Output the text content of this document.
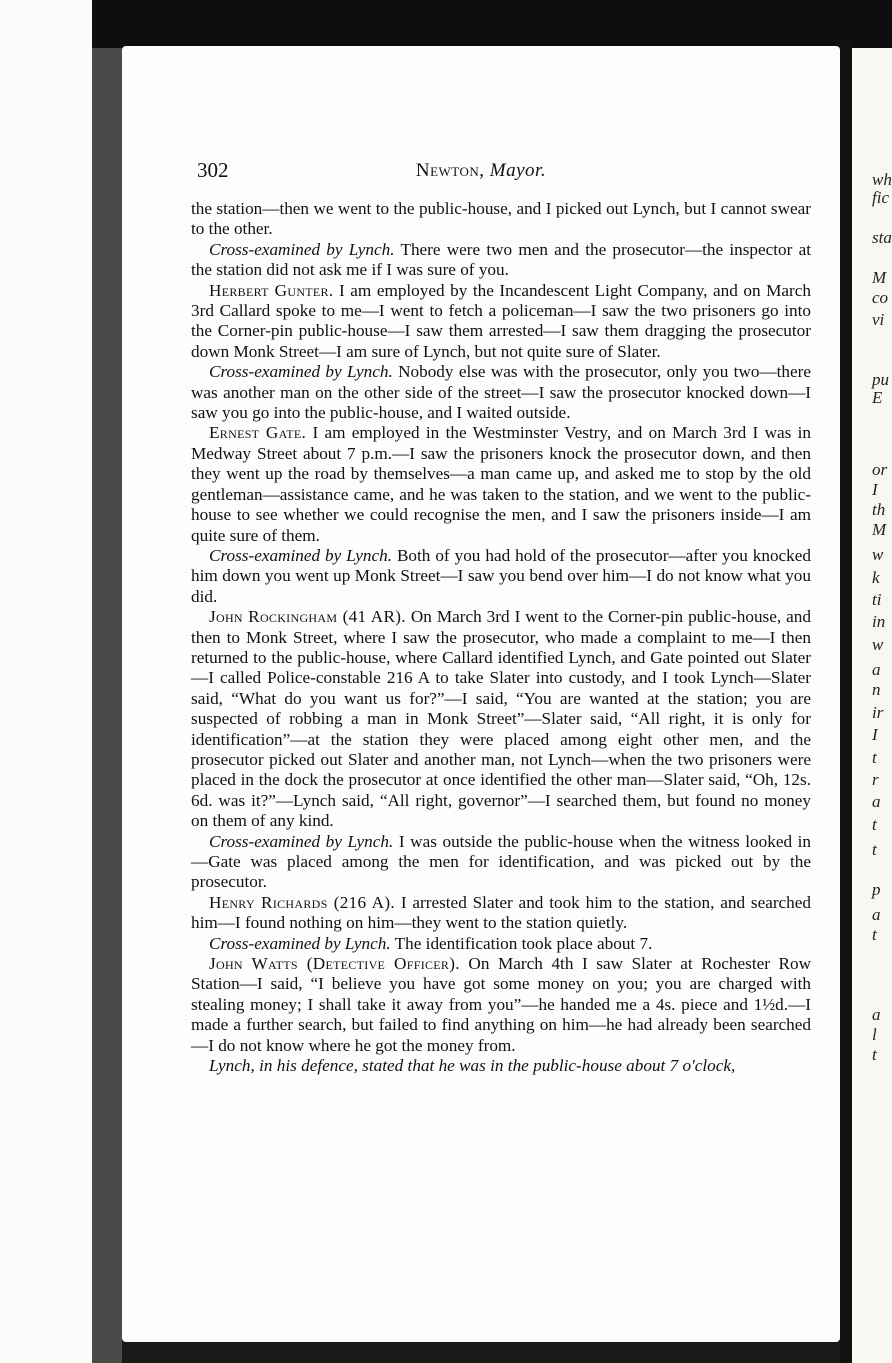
wh
fic
sta
M
co
vi
pu
E
or
I
th
M
w
k
ti
in
w
a
n
ir
I
t
r
a
t
t
p
a
t
a
l
t
302	Newton, Mayor.

the station—then we went to the public-house, and I picked out Lynch, but I cannot swear to the other.

Cross-examined by Lynch. There were two men and the prosecutor—the inspector at the station did not ask me if I was sure of you.

Herbert Gunter. I am employed by the Incandescent Light Company, and on March 3rd Callard spoke to me—I went to fetch a policeman—I saw the two prisoners go into the Corner-pin public-house—I saw them arrested—I saw them dragging the prosecutor down Monk Street—I am sure of Lynch, but not quite sure of Slater.

Cross-examined by Lynch. Nobody else was with the prosecutor, only you two—there was another man on the other side of the street—I saw the prosecutor knocked down—I saw you go into the public-house, and I waited outside.

Ernest Gate. I am employed in the Westminster Vestry, and on March 3rd I was in Medway Street about 7 p.m.—I saw the prisoners knock the prosecutor down, and then they went up the road by themselves—a man came up, and asked me to stop by the old gentleman—assistance came, and he was taken to the station, and we went to the public-house to see whether we could recognise the men, and I saw the prisoners inside—I am quite sure of them.

Cross-examined by Lynch. Both of you had hold of the prosecutor—after you knocked him down you went up Monk Street—I saw you bend over him—I do not know what you did.

John Rockingham (41 AR). On March 3rd I went to the Corner-pin public-house, and then to Monk Street, where I saw the prosecutor, who made a complaint to me—I then returned to the public-house, where Callard identified Lynch, and Gate pointed out Slater—I called Police-constable 216 A to take Slater into custody, and I took Lynch—Slater said, “What do you want us for?”—I said, “You are wanted at the station; you are suspected of robbing a man in Monk Street”—Slater said, “All right, it is only for identification”—at the station they were placed among eight other men, and the prosecutor picked out Slater and another man, not Lynch—when the two prisoners were placed in the dock the prosecutor at once identified the other man—Slater said, “Oh, 12s. 6d. was it?”—Lynch said, “All right, governor”—I searched them, but found no money on them of any kind.

Cross-examined by Lynch. I was outside the public-house when the witness looked in—Gate was placed among the men for identification, and was picked out by the prosecutor.

Henry Richards (216 A). I arrested Slater and took him to the station, and searched him—I found nothing on him—they went to the station quietly.

Cross-examined by Lynch. The identification took place about 7.

John Watts (Detective Officer). On March 4th I saw Slater at Rochester Row Station—I said, “I believe you have got some money on you; you are charged with stealing money; I shall take it away from you”—he handed me a 4s. piece and 1½d.—I made a further search, but failed to find anything on him—he had already been searched—I do not know where he got the money from.

Lynch, in his defence, stated that he was in the public-house about 7 o'clock,
